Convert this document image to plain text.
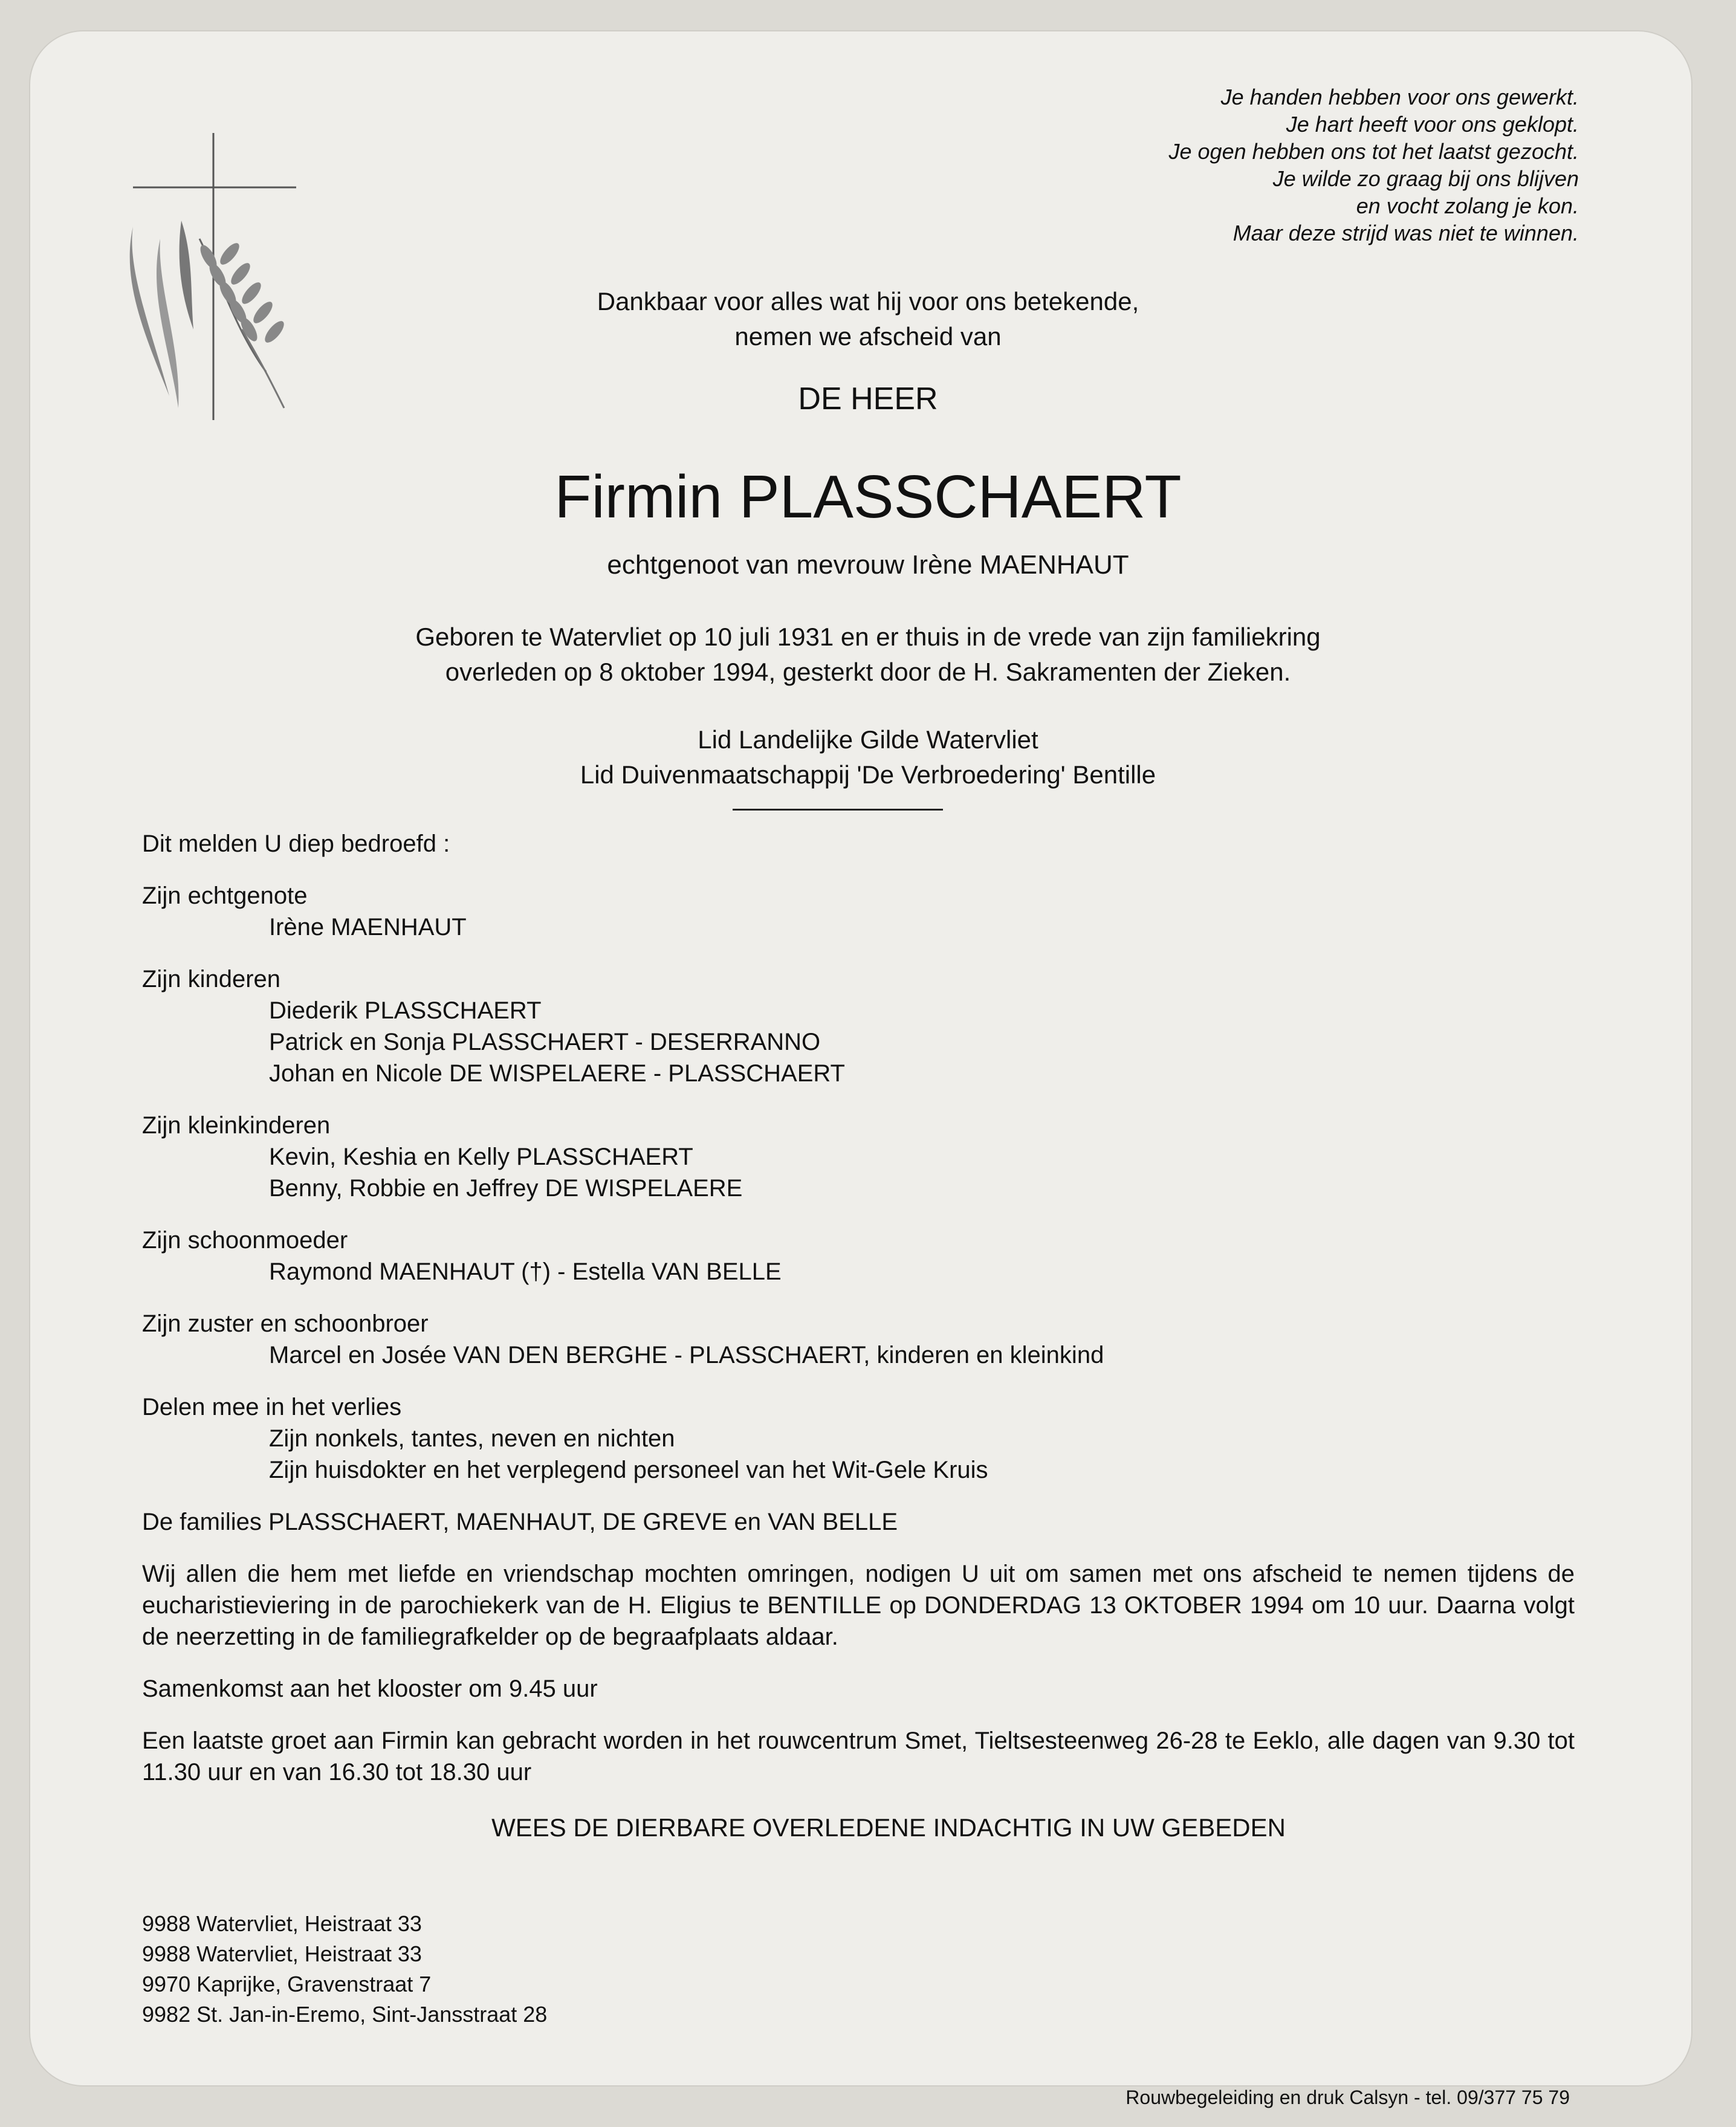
Je handen hebben voor ons gewerkt.
Je hart heeft voor ons geklopt.
Je ogen hebben ons tot het laatst gezocht.
Je wilde zo graag bij ons blijven
en vocht zolang je kon.
Maar deze strijd was niet te winnen.
Dankbaar voor alles wat hij voor ons betekende,
nemen we afscheid van
DE HEER
Firmin PLASSCHAERT
echtgenoot van mevrouw Irène MAENHAUT
Geboren te Watervliet op 10 juli 1931 en er thuis in de vrede van zijn familiekring
overleden op 8 oktober 1994, gesterkt door de H. Sakramenten der Zieken.
Lid Landelijke Gilde Watervliet
Lid Duivenmaatschappij 'De Verbroedering' Bentille
Dit melden U diep bedroefd :
Zijn echtgenote
Irène MAENHAUT
Zijn kinderen
Diederik PLASSCHAERT
Patrick en Sonja PLASSCHAERT - DESERRANNO
Johan en Nicole DE WISPELAERE - PLASSCHAERT
Zijn kleinkinderen
Kevin, Keshia en Kelly PLASSCHAERT
Benny, Robbie en Jeffrey DE WISPELAERE
Zijn schoonmoeder
Raymond MAENHAUT (†) - Estella VAN BELLE
Zijn zuster en schoonbroer
Marcel en Josée VAN DEN BERGHE - PLASSCHAERT, kinderen en kleinkind
Delen mee in het verlies
Zijn nonkels, tantes, neven en nichten
Zijn huisdokter en het verplegend personeel van het Wit-Gele Kruis
De families PLASSCHAERT, MAENHAUT, DE GREVE en VAN BELLE
Wij allen die hem met liefde en vriendschap mochten omringen, nodigen U uit om samen met ons afscheid te nemen tijdens de eucharistieviering in de parochiekerk van de H. Eligius te BENTILLE op DONDERDAG 13 OKTOBER 1994 om 10 uur. Daarna volgt de neerzetting in de familiegrafkelder op de begraafplaats aldaar.
Samenkomst aan het klooster om 9.45 uur
Een laatste groet aan Firmin kan gebracht worden in het rouwcentrum Smet, Tieltsesteenweg 26-28 te Eeklo, alle dagen van 9.30 tot 11.30 uur en van 16.30 tot 18.30 uur
WEES DE DIERBARE OVERLEDENE INDACHTIG IN UW GEBEDEN
9988 Watervliet, Heistraat 33
9988 Watervliet, Heistraat 33
9970 Kaprijke, Gravenstraat 7
9982 St. Jan-in-Eremo, Sint-Jansstraat 28
Rouwbegeleiding en druk Calsyn - tel. 09/377 75 79
